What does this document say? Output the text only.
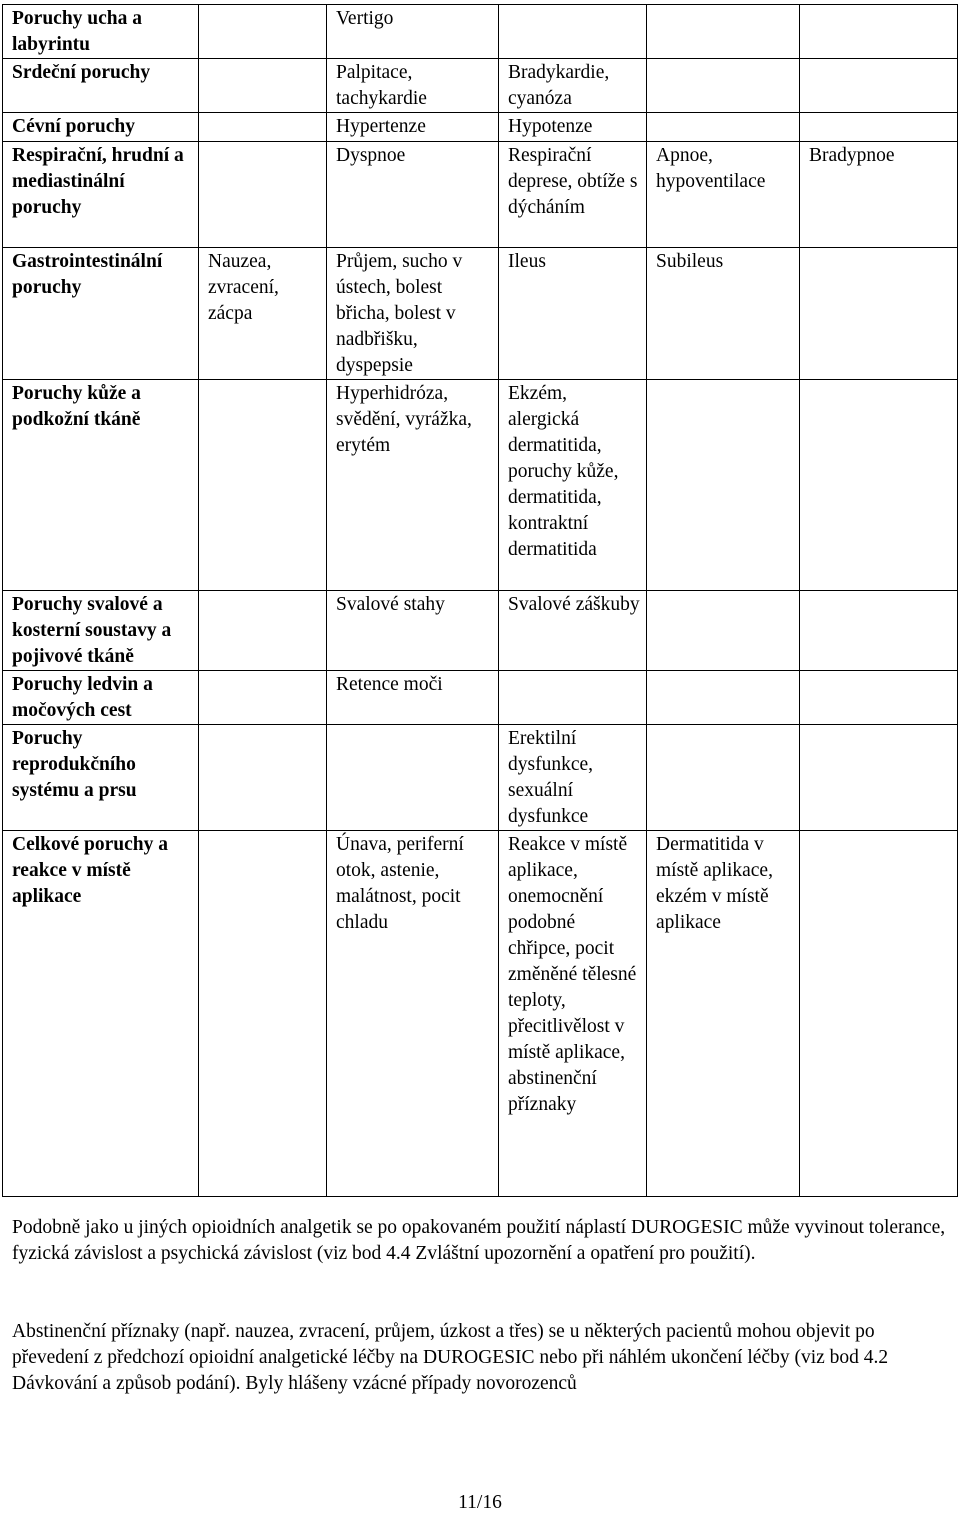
Poruchy ucha a labyrintu		Vertigo			
Srdeční poruchy		Palpitace, tachykardie	Bradykardie, cyanóza		
Cévní poruchy		Hypertenze	Hypotenze		
Respirační, hrudní a mediastinální poruchy		Dyspnoe	Respirační deprese, obtíže s dýcháním	Apnoe, hypoventilace	Bradypnoe
Gastrointestinální poruchy	Nauzea, zvracení, zácpa	Průjem, sucho v ústech, bolest břicha, bolest v nadbřišku, dyspepsie	Ileus	Subileus	
Poruchy kůže a podkožní tkáně		Hyperhidróza, svědění, vyrážka, erytém	Ekzém, alergická dermatitida, poruchy kůže, dermatitida, kontraktní dermatitida		
Poruchy svalové a kosterní soustavy a pojivové tkáně		Svalové stahy	Svalové záškuby		
Poruchy ledvin a močových cest		Retence moči			
Poruchy reprodukčního systému a prsu			Erektilní dysfunkce, sexuální dysfunkce		
Celkové poruchy a reakce v místě aplikace		Únava, periferní otok, astenie, malátnost, pocit chladu	Reakce v místě aplikace, onemocnění podobné chřipce, pocit změněné tělesné teploty, přecitlivělost v místě aplikace, abstinenční příznaky	Dermatitida v místě aplikace, ekzém v místě aplikace	

Podobně jako u jiných opioidních analgetik se po opakovaném použití náplastí DUROGESIC může vyvinout tolerance, fyzická závislost a psychická závislost (viz bod 4.4 Zvláštní upozornění a opatření pro použití).

Abstinenční příznaky (např. nauzea, zvracení, průjem, úzkost a třes) se u některých pacientů mohou objevit po převedení z předchozí opioidní analgetické léčby na DUROGESIC nebo při náhlém ukončení léčby (viz bod 4.2 Dávkování a způsob podání). Byly hlášeny vzácné případy novorozenců

11/16
